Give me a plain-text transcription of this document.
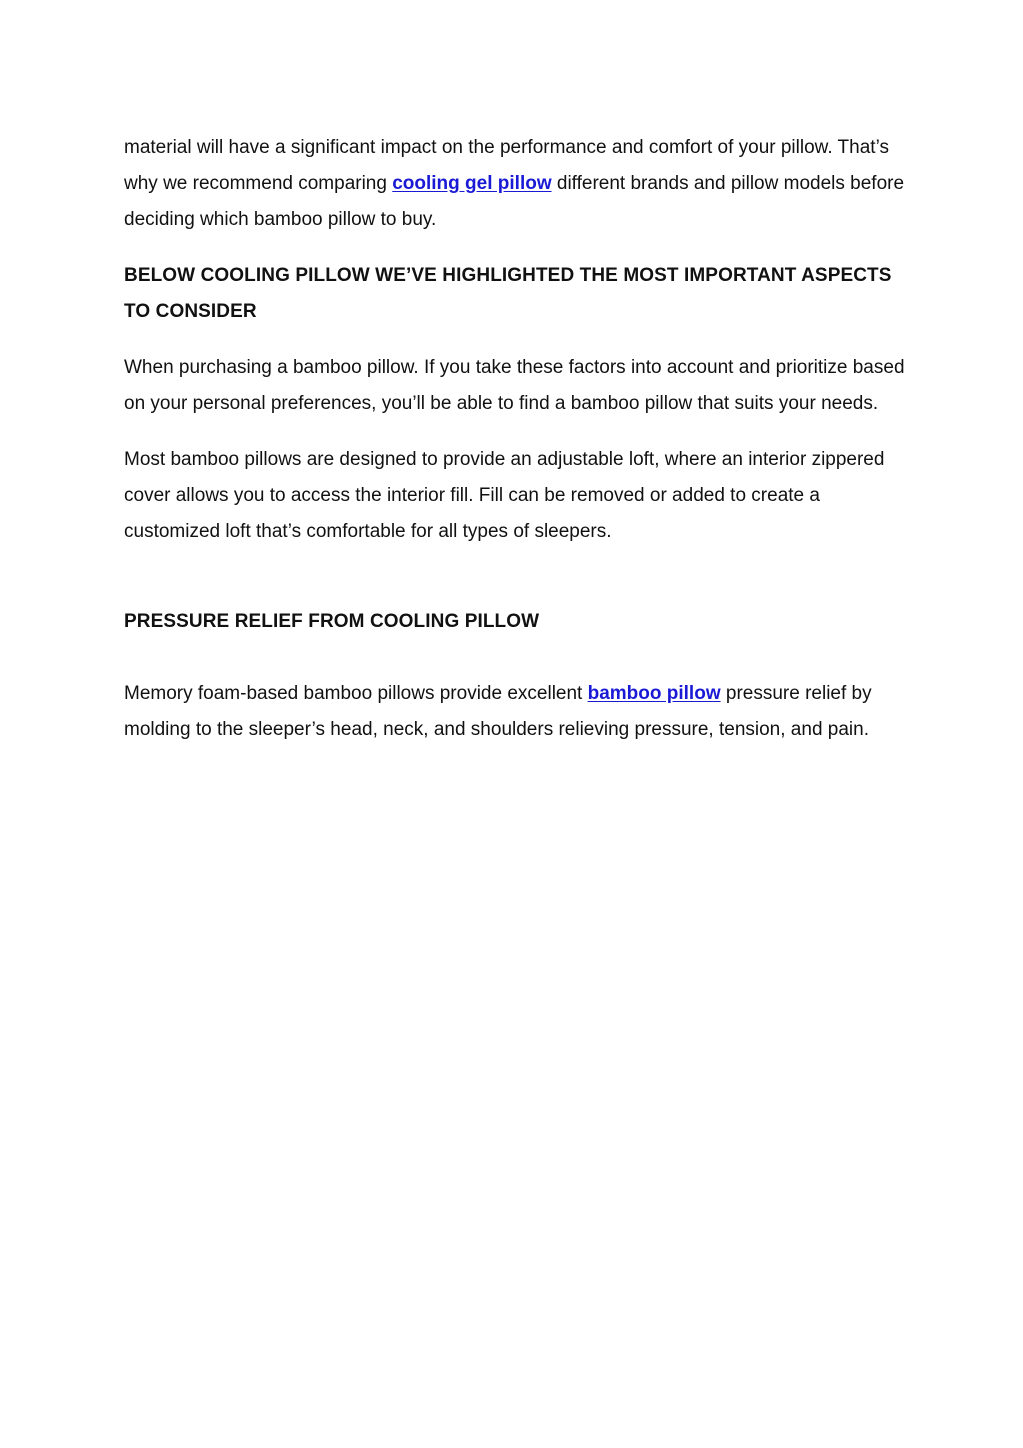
material will have a significant impact on the performance and comfort of your pillow. That’s why we recommend comparing cooling gel pillow different brands and pillow models before deciding which bamboo pillow to buy.

BELOW COOLING PILLOW WE’VE HIGHLIGHTED THE MOST IMPORTANT ASPECTS TO CONSIDER

When purchasing a bamboo pillow. If you take these factors into account and prioritize based on your personal preferences, you’ll be able to find a bamboo pillow that suits your needs.

Most bamboo pillows are designed to provide an adjustable loft, where an interior zippered cover allows you to access the interior fill. Fill can be removed or added to create a customized loft that’s comfortable for all types of sleepers.

PRESSURE RELIEF FROM COOLING PILLOW

Memory foam-based bamboo pillows provide excellent bamboo pillow pressure relief by molding to the sleeper’s head, neck, and shoulders relieving pressure, tension, and pain.
